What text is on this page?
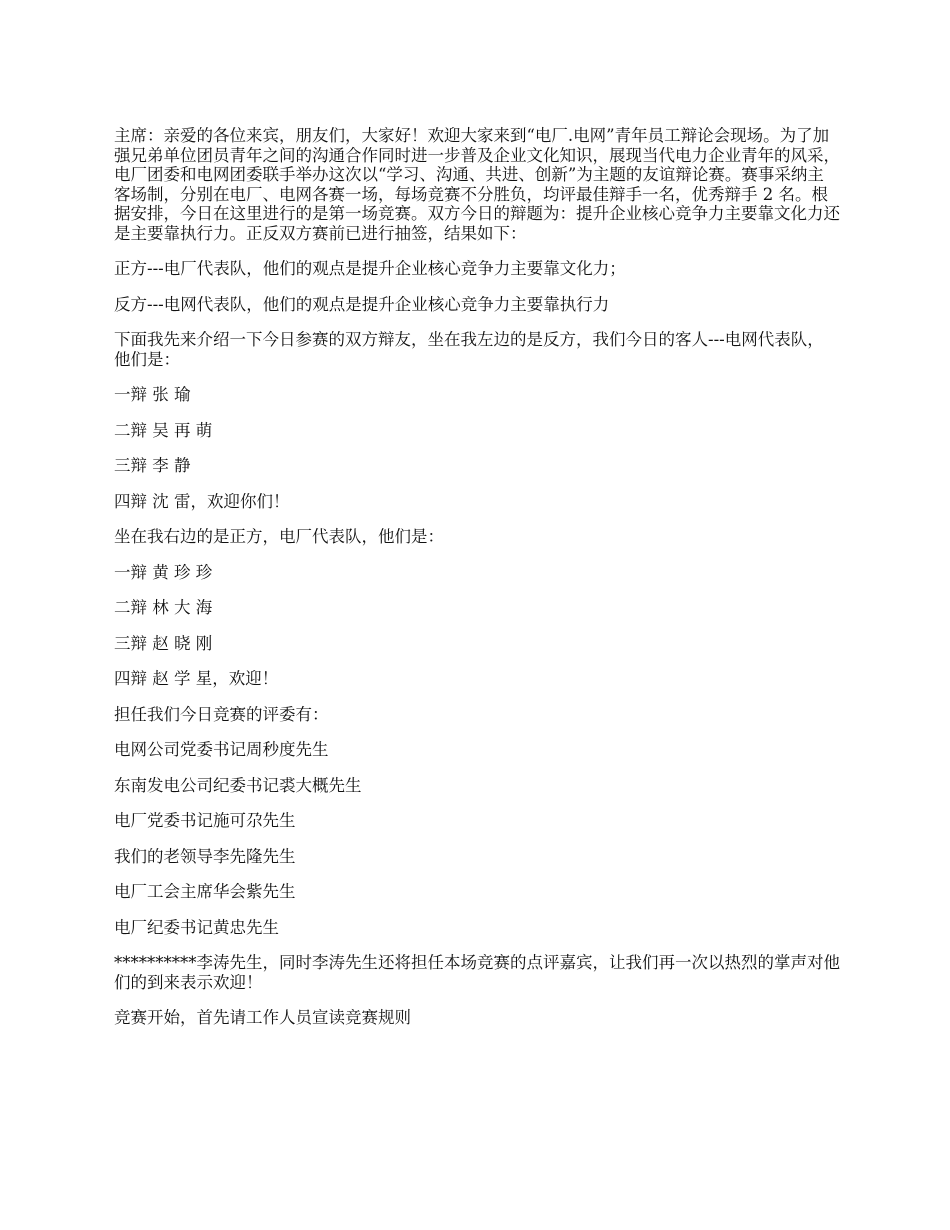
主席：亲爱的各位来宾，朋友们，大家好！欢迎大家来到“电厂.电网”青年员工辩论会现场。为了加强兄弟单位团员青年之间的沟通合作同时进一步普及企业文化知识，展现当代电力企业青年的风采，电厂团委和电网团委联手举办这次以“学习、沟通、共进、创新”为主题的友谊辩论赛。赛事采纳主客场制，分别在电厂、电网各赛一场，每场竞赛不分胜负，均评最佳辩手一名，优秀辩手 2 名。根据安排，今日在这里进行的是第一场竞赛。双方今日的辩题为：提升企业核心竞争力主要靠文化力还是主要靠执行力。正反双方赛前已进行抽签，结果如下：

正方---电厂代表队，他们的观点是提升企业核心竞争力主要靠文化力；

反方---电网代表队，他们的观点是提升企业核心竞争力主要靠执行力

下面我先来介绍一下今日参赛的双方辩友，坐在我左边的是反方，我们今日的客人---电网代表队，他们是：

一辩 张 瑜

二辩 吴 再 萌

三辩 李 静

四辩 沈 雷，欢迎你们！

坐在我右边的是正方，电厂代表队，他们是：

一辩 黄 珍 珍

二辩 林 大 海

三辩 赵 晓 刚

四辩 赵 学 星，欢迎！

担任我们今日竞赛的评委有：

电网公司党委书记周秒度先生

东南发电公司纪委书记裘大概先生

电厂党委书记施可尕先生

我们的老领导李先隆先生

电厂工会主席华会紫先生

电厂纪委书记黄忠先生

**********李涛先生，同时李涛先生还将担任本场竞赛的点评嘉宾，让我们再一次以热烈的掌声对他们的到来表示欢迎！

竞赛开始，首先请工作人员宣读竞赛规则
